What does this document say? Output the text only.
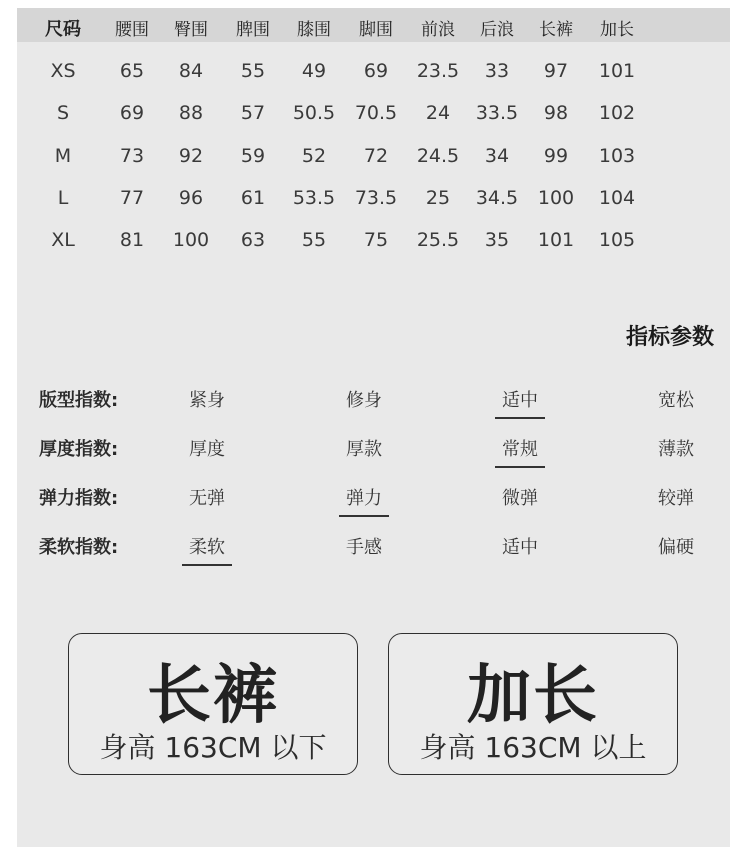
尺码 腰围 臀围 脾围 膝围 脚围 前浪 后浪 长裤 加长
XS 65 84 55 49 69 23.5 33 97 101
S	69 88 57 50.5 70.5 24 33.5 98 102
M	73 92 59 52 72 24.5 34 99 103
L	77 96 61 53.5 73.5 25 34.5 100 104
XL 81 100 63 55 75 25.5 35 101 105
指标参数
版型指数:	紧身	修身	适中	宽松
厚度指数:	厚度	厚款	常规	薄款
弹力指数:	无弹	弹力	微弹	较弹
柔软指数:	柔软	手感	适中	偏硬
长裤
身高 163CM 以下
加长
身高 163CM 以上
